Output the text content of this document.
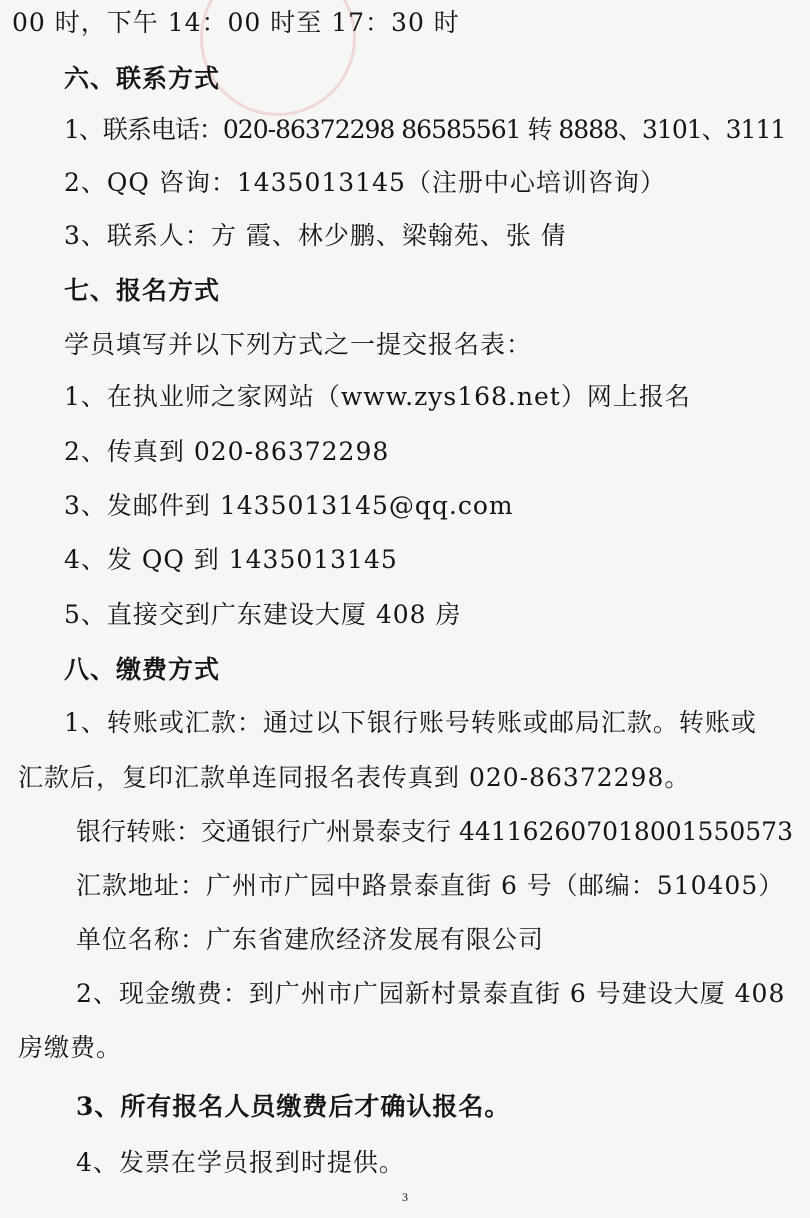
00 时，下午 14：00 时至 17：30 时
六、联系方式
1、联系电话：020-86372298 86585561 转 8888、3101、3111
2、QQ 咨询：1435013145（注册中心培训咨询）
3、联系人：方 霞、林少鹏、梁翰苑、张 倩
七、报名方式
学员填写并以下列方式之一提交报名表：
1、在执业师之家网站（www.zys168.net）网上报名
2、传真到 020-86372298
3、发邮件到 1435013145@qq.com
4、发 QQ 到 1435013145
5、直接交到广东建设大厦 408 房
八、缴费方式
1、转账或汇款：通过以下银行账号转账或邮局汇款。转账或
汇款后，复印汇款单连同报名表传真到 020-86372298。
银行转账：交通银行广州景泰支行 441162607018001550573
汇款地址：广州市广园中路景泰直街 6 号（邮编：510405）
单位名称：广东省建欣经济发展有限公司
2、现金缴费：到广州市广园新村景泰直街 6 号建设大厦 408
房缴费。
3、所有报名人员缴费后才确认报名。
4、发票在学员报到时提供。
3
